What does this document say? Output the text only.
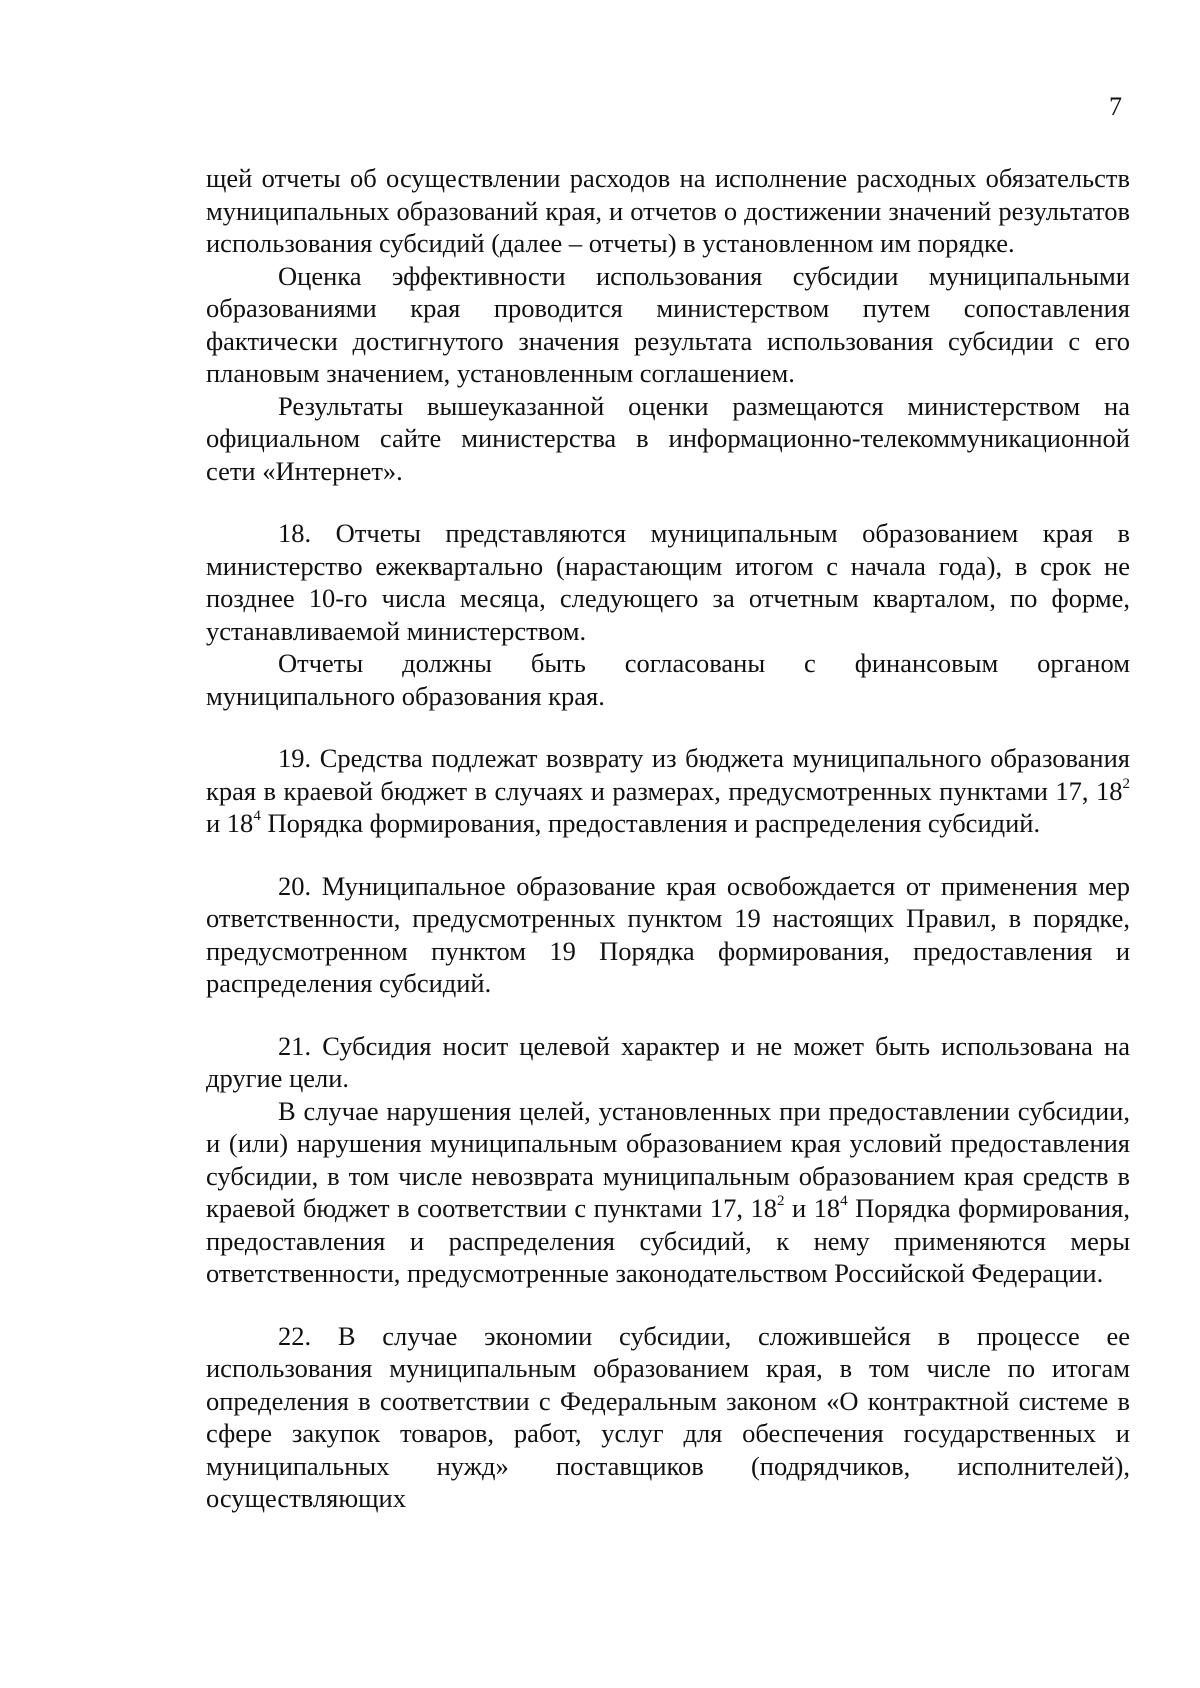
7

щей отчеты об осуществлении расходов на исполнение расходных обязательств муниципальных образований края, и отчетов о достижении значений результатов использования субсидий (далее – отчеты) в установленном им порядке.

Оценка эффективности использования субсидии муниципальными образованиями края проводится министерством путем сопоставления фактически достигнутого значения результата использования субсидии с его плановым значением, установленным соглашением.

Результаты вышеуказанной оценки размещаются министерством на официальном сайте министерства в информационно-телекоммуникационной сети «Интернет».

18. Отчеты представляются муниципальным образованием края в министерство ежеквартально (нарастающим итогом с начала года), в срок не позднее 10-го числа месяца, следующего за отчетным кварталом, по форме, устанавливаемой министерством.

Отчеты должны быть согласованы с финансовым органом муниципального образования края.

19. Средства подлежат возврату из бюджета муниципального образования края в краевой бюджет в случаях и размерах, предусмотренных пунктами 17, $18^2$ и $18^4$ Порядка формирования, предоставления и распределения субсидий.

20. Муниципальное образование края освобождается от применения мер ответственности, предусмотренных пунктом 19 настоящих Правил, в порядке, предусмотренном пунктом 19 Порядка формирования, предоставления и распределения субсидий.

21. Субсидия носит целевой характер и не может быть использована на другие цели.

В случае нарушения целей, установленных при предоставлении субсидии, и (или) нарушения муниципальным образованием края условий предоставления субсидии, в том числе невозврата муниципальным образованием края средств в краевой бюджет в соответствии с пунктами 17, $18^2$ и $18^4$ Порядка формирования, предоставления и распределения субсидий, к нему применяются меры ответственности, предусмотренные законодательством Российской Федерации.

22. В случае экономии субсидии, сложившейся в процессе ее использования муниципальным образованием края, в том числе по итогам определения в соответствии с Федеральным законом «О контрактной системе в сфере закупок товаров, работ, услуг для обеспечения государственных и муниципальных нужд» поставщиков (подрядчиков, исполнителей), осуществляющих
